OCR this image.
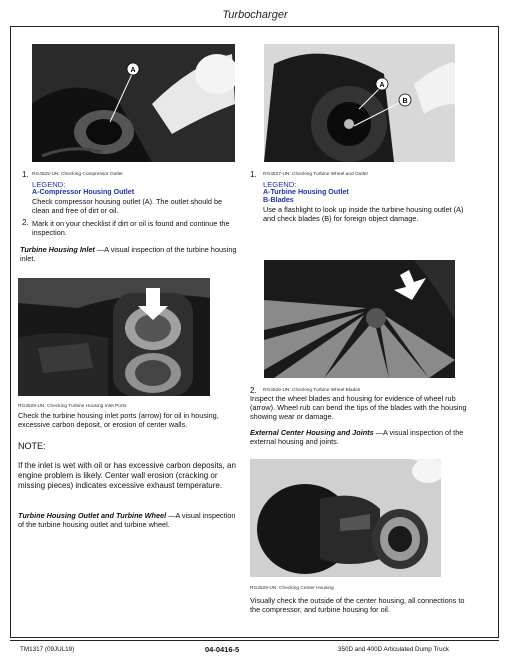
Turbocharger
A
A
B
1. RG4525-UN: Checking Compressor Outlet
LEGEND:
A-Compressor Housing Outlet
Check compressor housing outlet (A). The outlet should be clean and free of dirt or oil.
2. Mark it on your checklist if dirt or oil is found and continue the inspection.
Turbine Housing Inlet —A visual inspection of the turbine housing inlet.
1. RG4527-UN: Checking Turbine Wheel and Outlet
LEGEND:
A-Turbine Housing Outlet
B-Blades
Use a flashlight to look up inside the turbine housing outlet (A) and check blades (B) for foreign object damage.
RG4528-UN: Checking Turbine Housing Inlet Ports
Check the turbine housing inlet ports (arrow) for oil in housing, excessive carbon deposit, or erosion of center walls.
NOTE:
If the inlet is wet with oil or has excessive carbon deposits, an engine problem is likely. Center wall erosion (cracking or missing pieces) indicates excessive exhaust temperature.
Turbine Housing Outlet and Turbine Wheel —A visual inspection of the turbine housing outlet and turbine wheel.
2. RG4526-UN: Checking Turbine Wheel Blades
Inspect the wheel blades and housing for evidence of wheel rub (arrow). Wheel rub can bend the tips of the blades with the housing showing wear or damage.
External Center Housing and Joints —A visual inspection of the external housing and joints.
RG4529-UN: Checking Center Housing
Visually check the outside of the center housing, all connections to the compressor, and turbine housing for oil.
TM1317 (09JUL19)	04-0416-5	350D and 400D Articulated Dump Truck
